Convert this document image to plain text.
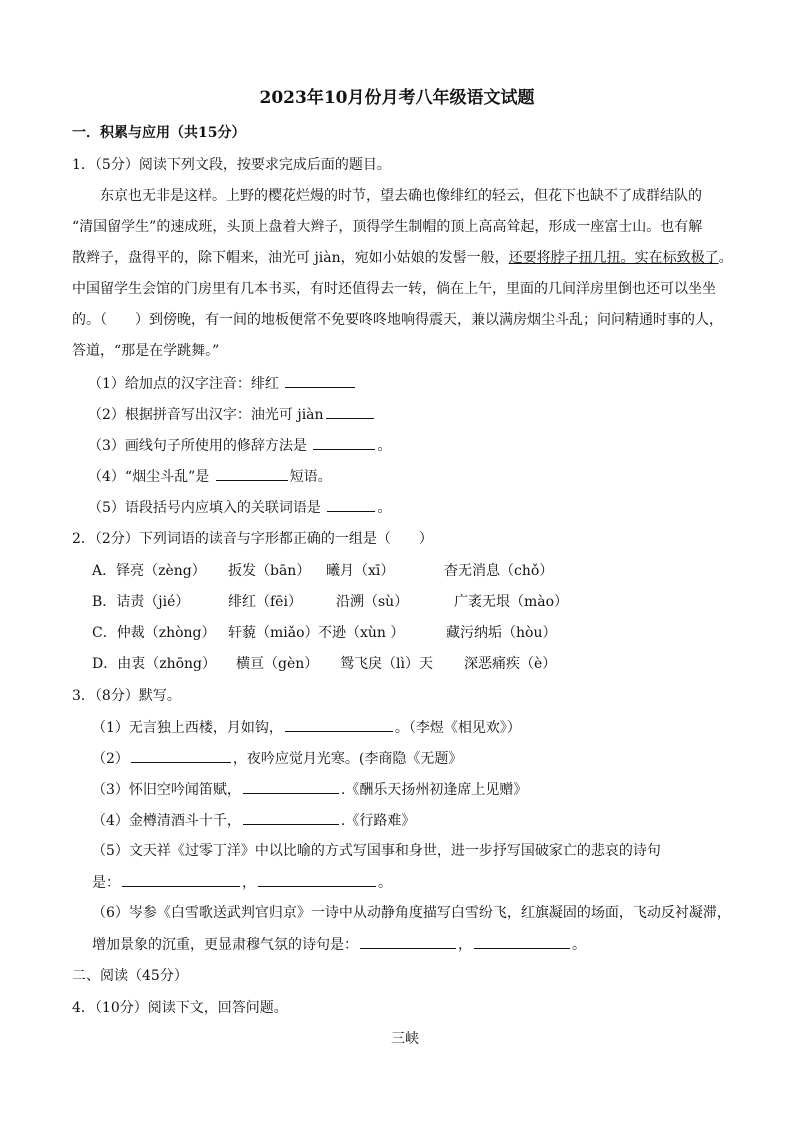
2023年10月份月考八年级语文试题
一．积累与应用（共15分）
1．（5分）阅读下列文段，按要求完成后面的题目。
东京也无非是这样。上野的樱花烂熳的时节，望去确也像绯红的轻云，但花下也缺不了成群结队的
“清国留学生”的速成班，头顶上盘着大辫子，顶得学生制帽的顶上高高耸起，形成一座富士山。也有解
散辫子，盘得平的，除下帽来，油光可 jiàn，宛如小姑娘的发髻一般，还要将脖子扭几扭。实在标致极了。
中国留学生会馆的门房里有几本书买，有时还值得去一转，倘在上午，里面的几间洋房里倒也还可以坐坐
的。（　　）到傍晚，有一间的地板便常不免要咚咚地响得震天，兼以满房烟尘斗乱；问问精通时事的人，
答道，“那是在学跳舞。”
（1）给加点的汉字注音：绯红
（2）根据拼音写出汉字：油光可 jiàn
（3）画线句子所使用的修辞方法是	。
（4）“烟尘斗乱”是	短语。
（5）语段括号内应填入的关联词语是	。
2．（2分）下列词语的读音与字形都正确的一组是（　　）
A．铎亮（zèng） 扳发（bān） 曦月（xī）	杳无消息（chǒ）
B．诘责（jié）	绯红（fēi） 沿溯（sù）	广袤无垠（mào）
C．仲裁（zhòng） 轩藐（miǎo） 不逊（xùn ）	藏污纳垢（hòu）
D．由衷（zhōng） 横亘（gèn） 鸳飞戾（lì）天 深恶痛疾（è）
3．（8分）默写。
（1）无言独上西楼，月如钩，	。（李煜《相见欢》）
（2）	，夜吟应觉月光寒。(李商隐《无题》
（3）怀旧空吟闻笛赋，	.《酬乐天扬州初逢席上见赠》
（4）金樽清酒斗十千，	.《行路难》
（5）文天祥《过零丁洋》中以比喻的方式写国事和身世，进一步抒写国破家亡的悲哀的诗句
是：	，	。
（6）岑参《白雪歌送武判官归京》一诗中从动静角度描写白雪纷飞，红旗凝固的场面，飞动反衬凝滞，
增加景象的沉重，更显肃穆气氛的诗句是：	，	。
二、阅读（45分）
4．（10分）阅读下文，回答问题。
三峡
